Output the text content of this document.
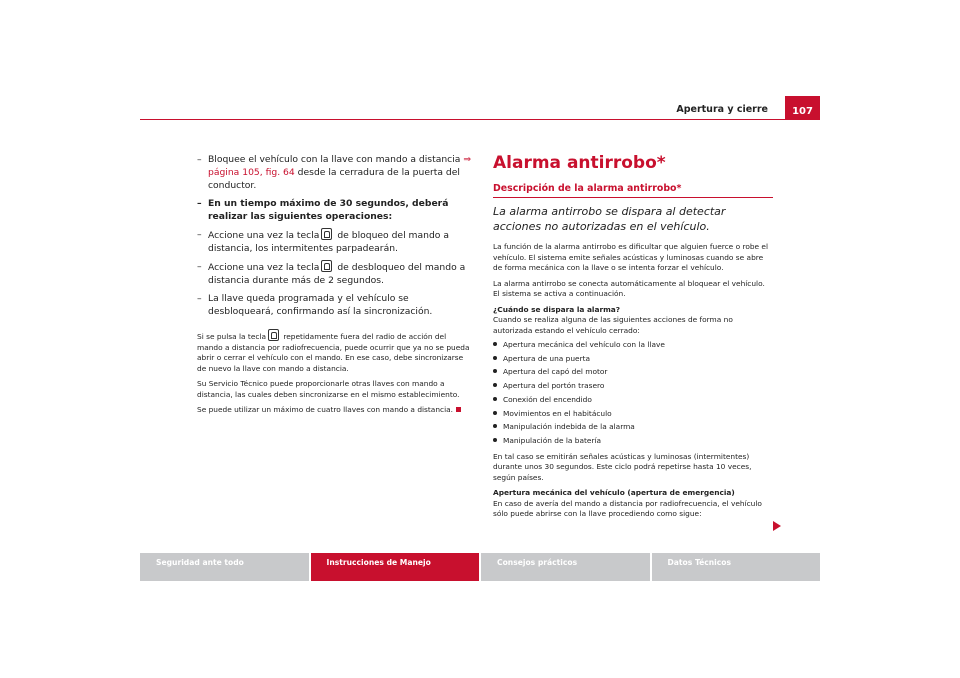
Apertura y cierre	107
– Bloquee el vehículo con la llave con mando a distancia ⇒ página 105, fig. 64 desde la cerradura de la puerta del conductor.
– En un tiempo máximo de 30 segundos, deberá realizar las siguientes operaciones:
– Accione una vez la tecla de bloqueo del mando a distancia, los intermitentes parpadearán.
– Accione una vez la tecla de desbloqueo del mando a distancia durante más de 2 segundos.
– La llave queda programada y el vehículo se desbloqueará, confirmando así la sincronización.

Si se pulsa la tecla repetidamente fuera del radio de acción del mando a distancia por radiofrecuencia, puede ocurrir que ya no se pueda abrir o cerrar el vehículo con el mando. En ese caso, debe sincronizarse de nuevo la llave con mando a distancia.

Su Servicio Técnico puede proporcionarle otras llaves con mando a distancia, las cuales deben sincronizarse en el mismo establecimiento.

Se puede utilizar un máximo de cuatro llaves con mando a distancia.

Alarma antirrobo*
Descripción de la alarma antirrobo*
La alarma antirrobo se dispara al detectar acciones no autorizadas en el vehículo.

La función de la alarma antirrobo es dificultar que alguien fuerce o robe el vehículo. El sistema emite señales acústicas y luminosas cuando se abre de forma mecánica con la llave o se intenta forzar el vehículo.

La alarma antirrobo se conecta automáticamente al bloquear el vehículo. El sistema se activa a continuación.

¿Cuándo se dispara la alarma?

Cuando se realiza alguna de las siguientes acciones de forma no autorizada estando el vehículo cerrado:

Apertura mecánica del vehículo con la llave
Apertura de una puerta
Apertura del capó del motor
Apertura del portón trasero
Conexión del encendido
Movimientos en el habitáculo
Manipulación indebida de la alarma
Manipulación de la batería

En tal caso se emitirán señales acústicas y luminosas (intermitentes) durante unos 30 segundos. Este ciclo podrá repetirse hasta 10 veces, según países.

Apertura mecánica del vehículo (apertura de emergencia)

En caso de avería del mando a distancia por radiofrecuencia, el vehículo sólo puede abrirse con la llave procediendo como sigue:

Seguridad ante todo	Instrucciones de Manejo	Consejos prácticos	Datos Técnicos
